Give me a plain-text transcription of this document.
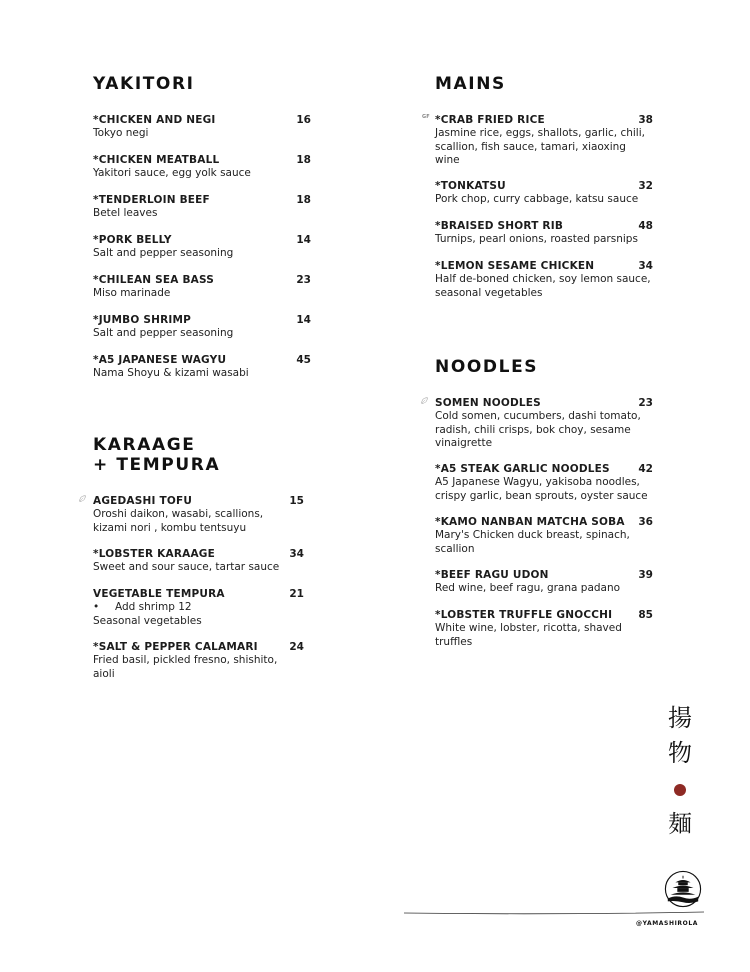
YAKITORI
*CHICKEN AND NEGI	16
Tokyo negi
*CHICKEN MEATBALL	18
Yakitori sauce, egg yolk sauce
*TENDERLOIN BEEF	18
Betel leaves
*PORK BELLY	14
Salt and pepper seasoning
*CHILEAN SEA BASS	23
Miso marinade
*JUMBO SHRIMP	14
Salt and pepper seasoning
*A5 JAPANESE WAGYU	45
Nama Shoyu & kizami wasabi
KARAAGE
+ TEMPURA
AGEDASHI TOFU	15
Oroshi daikon, wasabi, scallions,
kizami nori , kombu tentsuyu
*LOBSTER KARAAGE	34
Sweet and sour sauce, tartar sauce
VEGETABLE TEMPURA	21
• Add shrimp 12
Seasonal vegetables
*SALT & PEPPER CALAMARI	24
Fried basil, pickled fresno, shishito,
aioli
MAINS
GF *CRAB FRIED RICE	38
Jasmine rice, eggs, shallots, garlic, chili,
scallion, fish sauce, tamari, xiaoxing
wine
*TONKATSU	32
Pork chop, curry cabbage, katsu sauce
*BRAISED SHORT RIB	48
Turnips, pearl onions, roasted parsnips
*LEMON SESAME CHICKEN	34
Half de-boned chicken, soy lemon sauce,
seasonal vegetables
NOODLES
SOMEN NOODLES	23
Cold somen, cucumbers, dashi tomato,
radish, chili crisps, bok choy, sesame
vinaigrette
*A5 STEAK GARLIC NOODLES	42
A5 Japanese Wagyu, yakisoba noodles,
crispy garlic, bean sprouts, oyster sauce
*KAMO NANBAN MATCHA SOBA 36
Mary's Chicken duck breast, spinach,
scallion
*BEEF RAGU UDON	39
Red wine, beef ragu, grana padano
*LOBSTER TRUFFLE GNOCCHI 85
White wine, lobster, ricotta, shaved
truffles
揚
物
麺
@YAMASHIROLA
